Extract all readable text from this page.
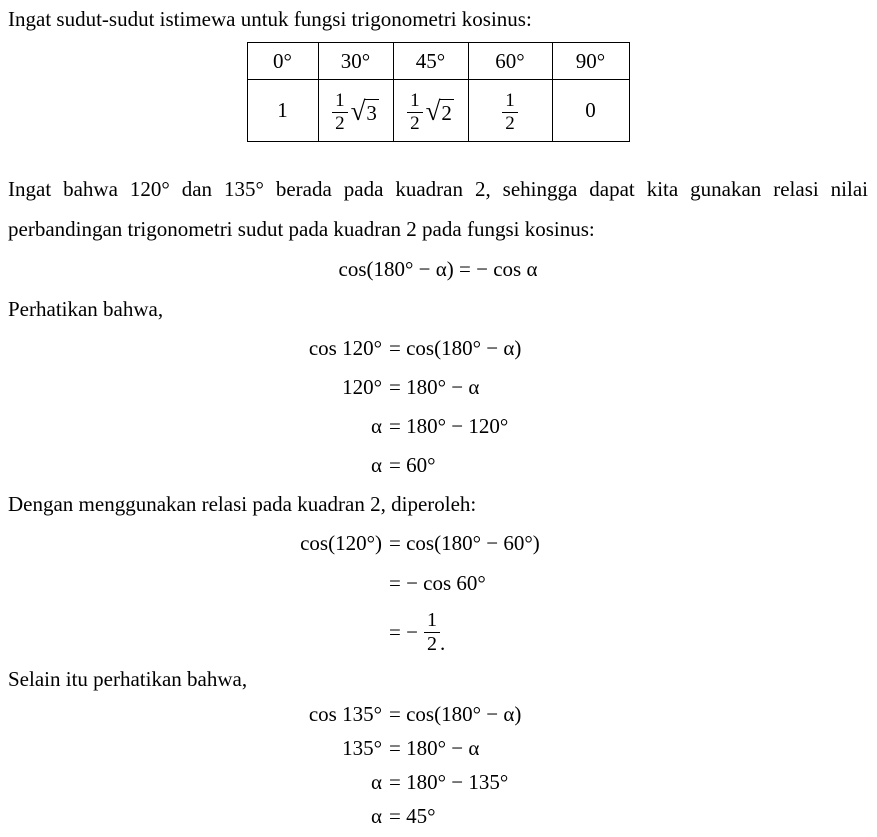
Ingat sudut-sudut istimewa untuk fungsi trigonometri kosinus:

0°	30°	45°	60°	90°
1	$\frac{1}{2}$ √ 3	$\frac{1}{2}$ √ 2	$\frac{1}{2}$	0

Ingat bahwa 120° dan 135° berada pada kuadran 2, sehingga dapat kita gunakan relasi nilai perbandingan trigonometri sudut pada kuadran 2 pada fungsi kosinus:

cos(180° − α) = − cos α

Perhatikan bahwa,

cos 120° = cos(180° − α)
120° = 180° − α
α = 180° − 120°
α = 60°

Dengan menggunakan relasi pada kuadran 2, diperoleh:

cos(120°) = cos(180° − 60°)
= − cos 60°
= − $\frac{1}{2}$ .

Selain itu perhatikan bahwa,

cos 135° = cos(180° − α)
135° = 180° − α
α = 180° − 135°
α = 45°
